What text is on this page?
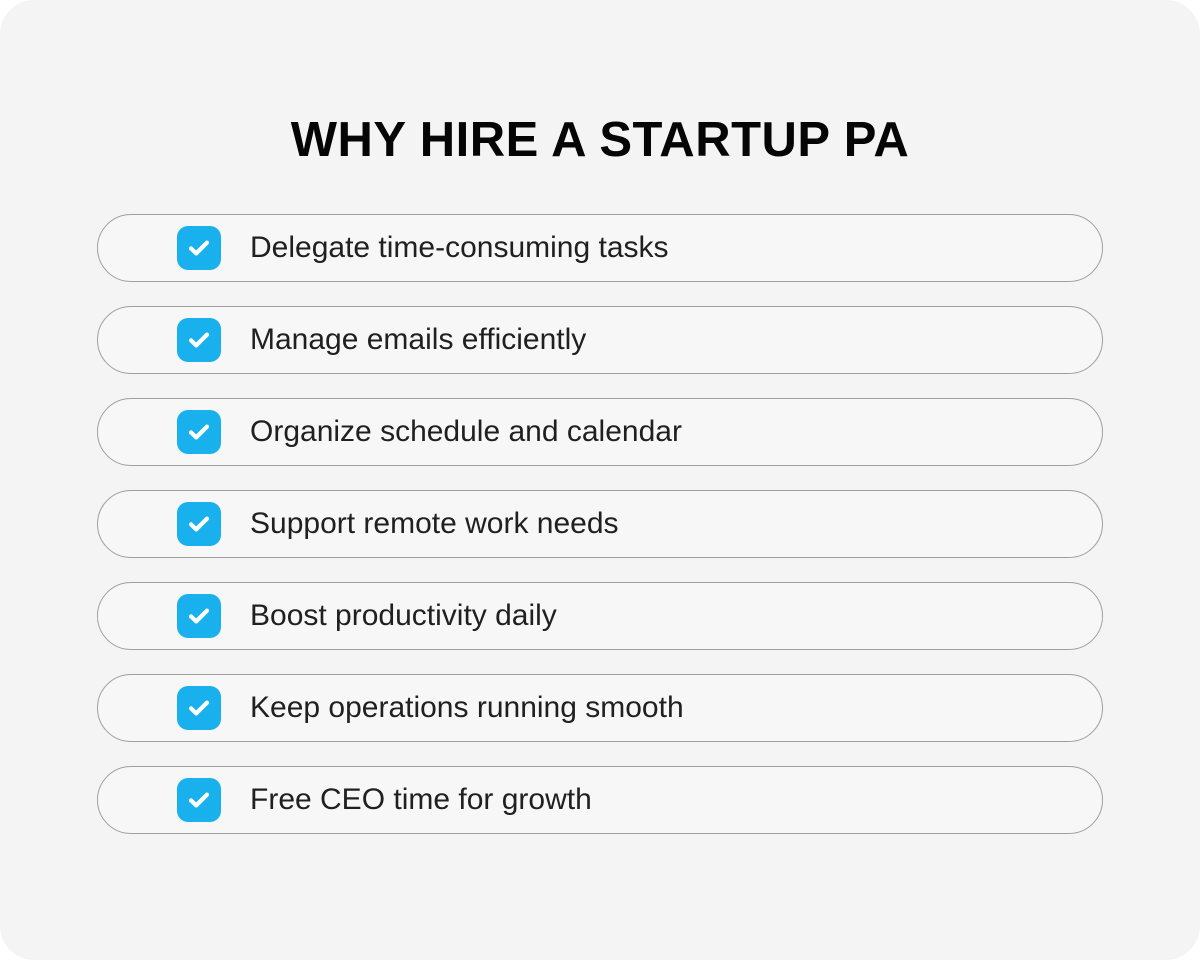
WHY HIRE A STARTUP PA
Delegate time-consuming tasks
Manage emails efficiently
Organize schedule and calendar
Support remote work needs
Boost productivity daily
Keep operations running smooth
Free CEO time for growth
